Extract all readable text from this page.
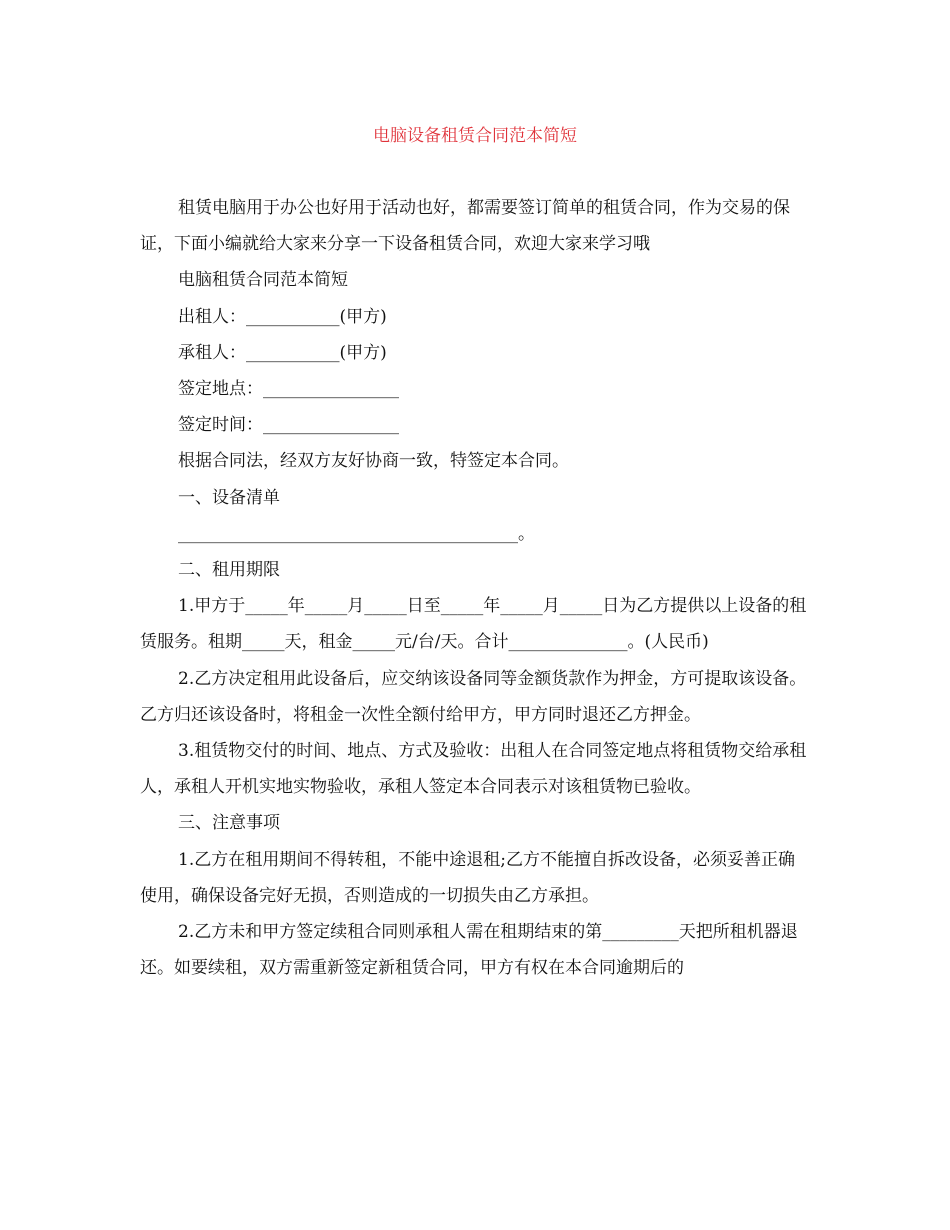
电脑设备租赁合同范本简短

租赁电脑用于办公也好用于活动也好，都需要签订简单的租赁合同，作为交易的保证，下面小编就给大家来分享一下设备租赁合同，欢迎大家来学习哦

电脑租赁合同范本简短

出租人：___________(甲方)

承租人：___________(甲方)

签定地点：________________

签定时间：________________

根据合同法，经双方友好协商一致，特签定本合同。

一、设备清单

________________________________________。

二、租用期限

1.甲方于_____年_____月_____日至_____年_____月_____日为乙方提供以上设备的租赁服务。租期_____天，租金_____元/台/天。合计______________。(人民币)

2.乙方决定租用此设备后，应交纳该设备同等金额货款作为押金，方可提取该设备。乙方归还该设备时，将租金一次性全额付给甲方，甲方同时退还乙方押金。

3.租赁物交付的时间、地点、方式及验收：出租人在合同签定地点将租赁物交给承租人，承租人开机实地实物验收，承租人签定本合同表示对该租赁物已验收。

三、注意事项

1.乙方在租用期间不得转租，不能中途退租;乙方不能擅自拆改设备，必须妥善正确使用，确保设备完好无损，否则造成的一切损失由乙方承担。

2.乙方未和甲方签定续租合同则承租人需在租期结束的第_________天把所租机器退还。如要续租，双方需重新签定新租赁合同，甲方有权在本合同逾期后的
